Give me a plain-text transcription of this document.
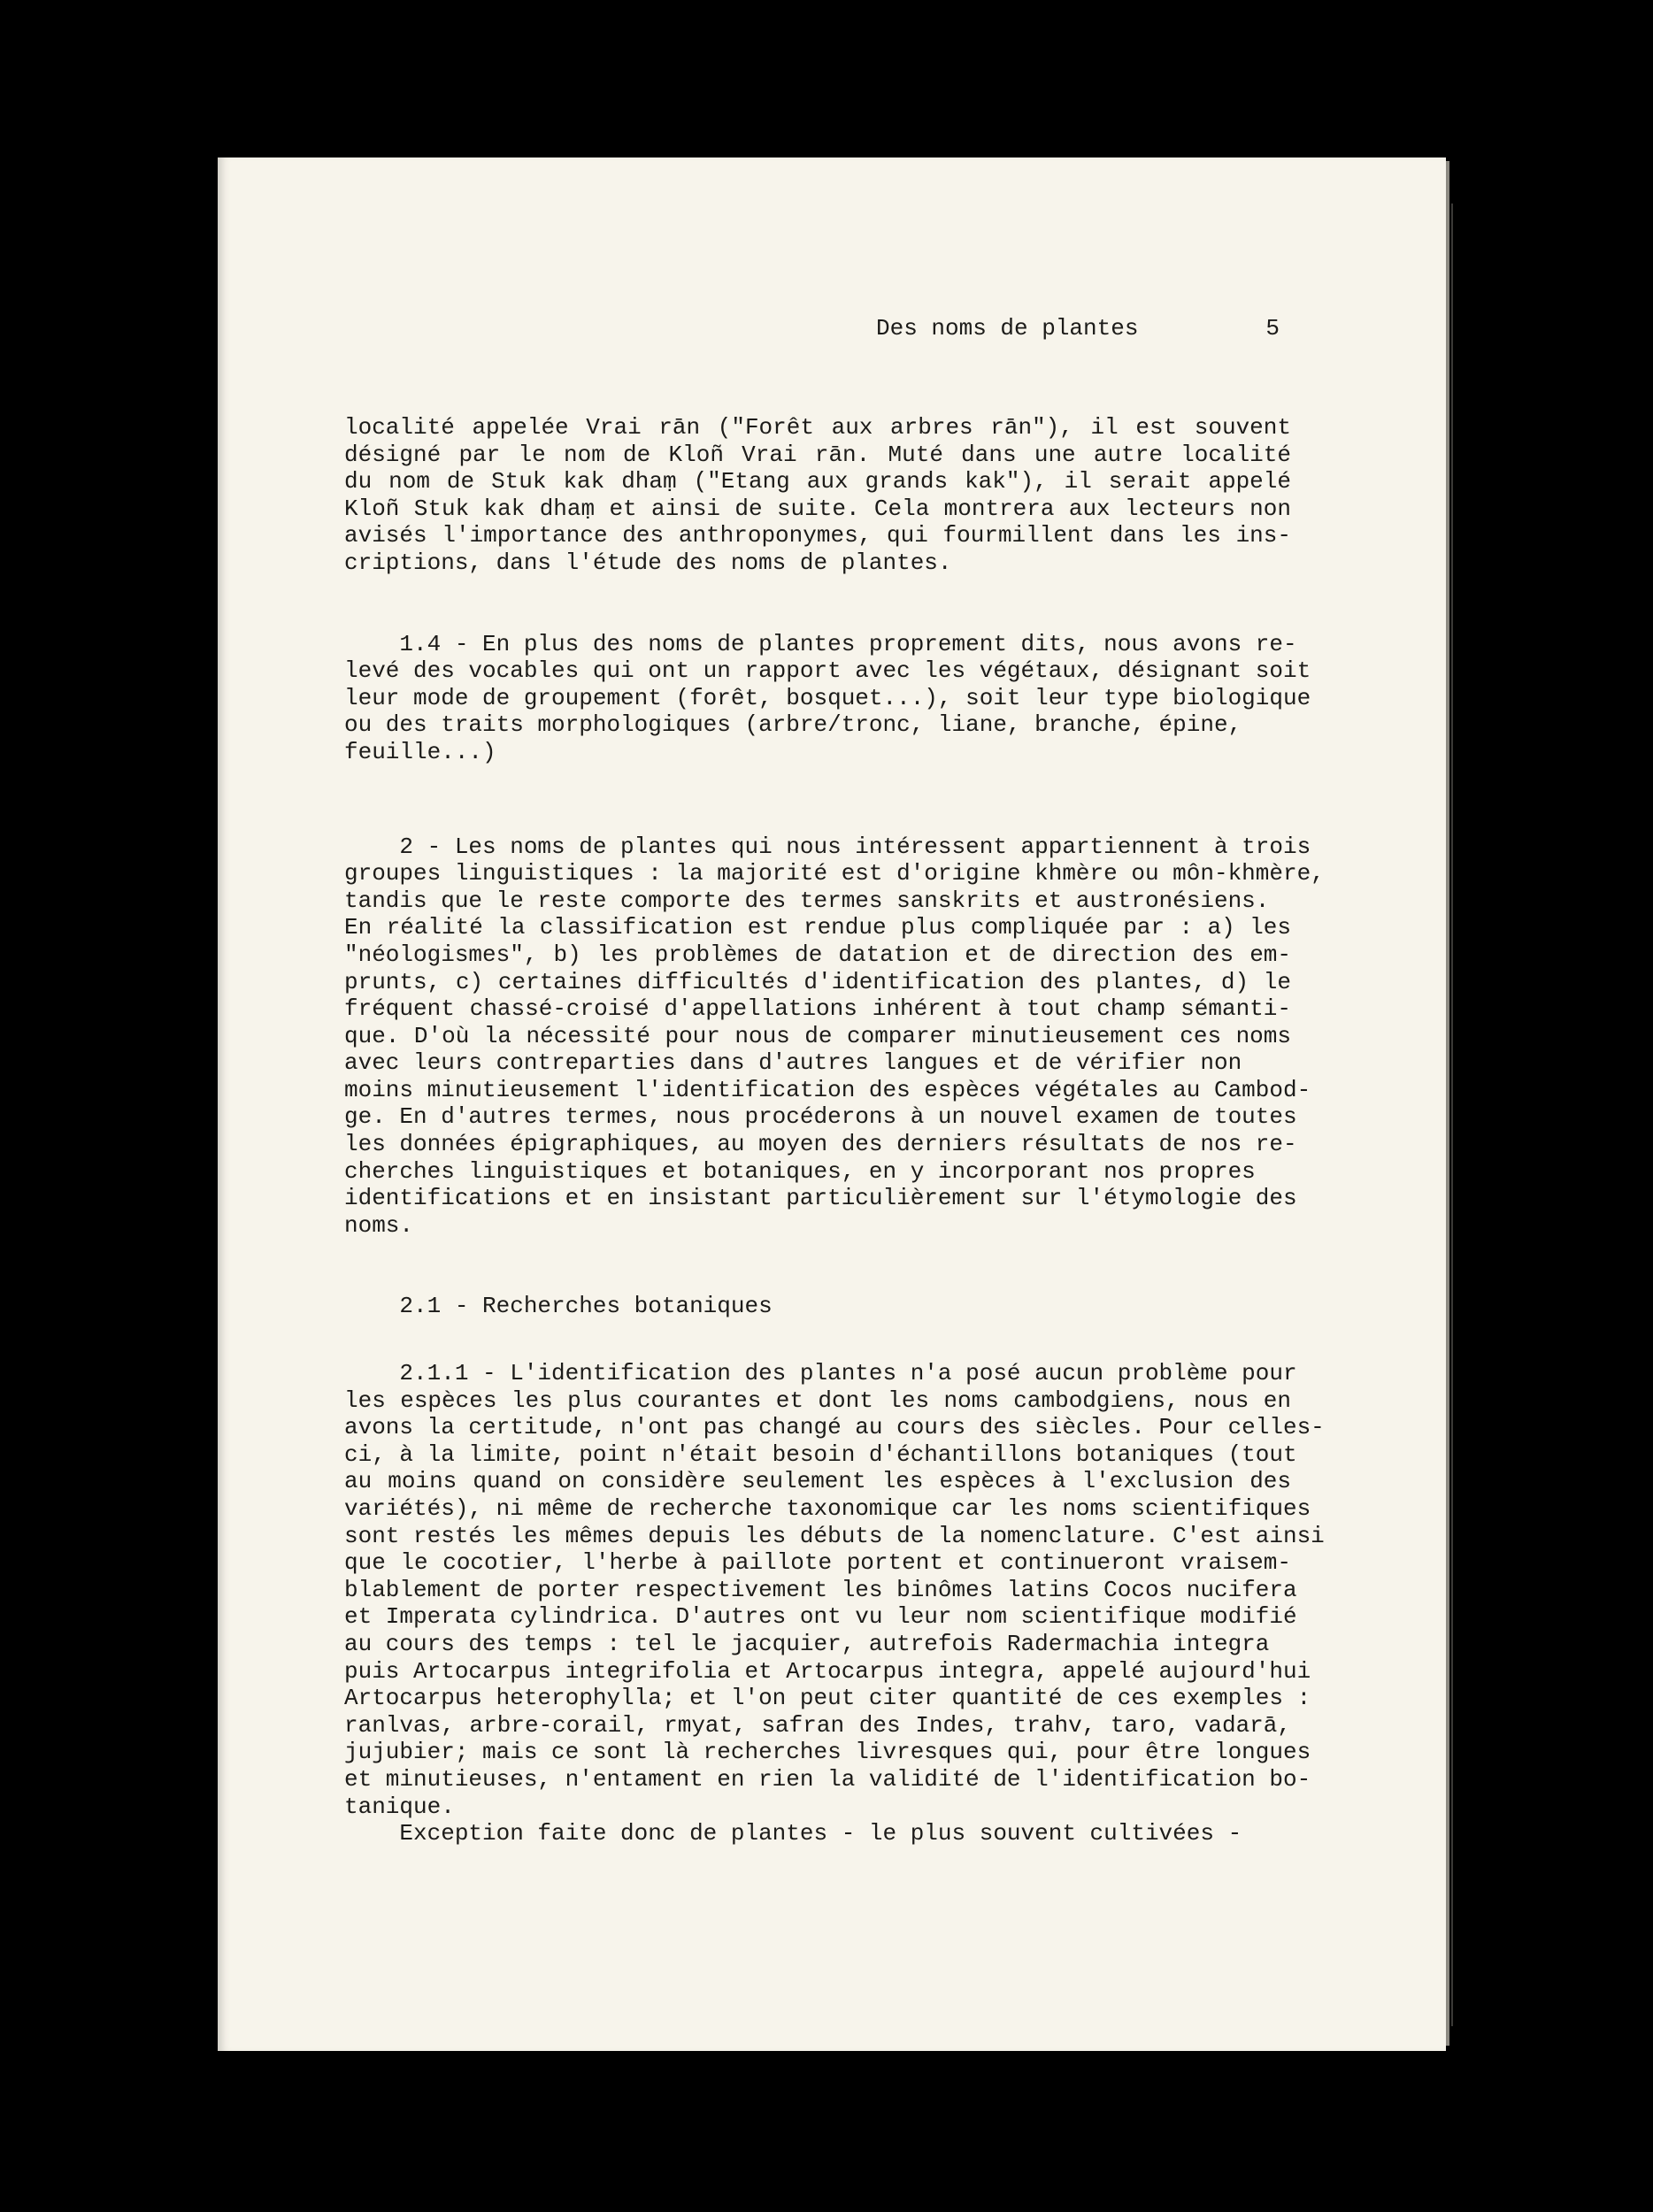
Des noms de plantes	5
localité appelée Vrai rān ("Forêt aux arbres rān"), il est souvent
désigné par le nom de Kloñ Vrai rān. Muté dans une autre localité
du nom de Stuk kak dhaṃ ("Etang aux grands kak"), il serait appelé
Kloñ Stuk kak dhaṃ et ainsi de suite. Cela montrera aux lecteurs non
avisés l'importance des anthroponymes, qui fourmillent dans les ins-
criptions, dans l'étude des noms de plantes.
1.4 - En plus des noms de plantes proprement dits, nous avons re-
levé des vocables qui ont un rapport avec les végétaux, désignant soit
leur mode de groupement (forêt, bosquet...), soit leur type biologique
ou des traits morphologiques (arbre/tronc, liane, branche, épine,
feuille...)
2 - Les noms de plantes qui nous intéressent appartiennent à trois
groupes linguistiques : la majorité est d'origine khmère ou môn-khmère,
tandis que le reste comporte des termes sanskrits et austronésiens.
En réalité la classification est rendue plus compliquée par : a) les
"néologismes", b) les problèmes de datation et de direction des em-
prunts, c) certaines difficultés d'identification des plantes, d) le
fréquent chassé-croisé d'appellations inhérent à tout champ sémanti-
que. D'où la nécessité pour nous de comparer minutieusement ces noms
avec leurs contreparties dans d'autres langues et de vérifier non
moins minutieusement l'identification des espèces végétales au Cambod-
ge. En d'autres termes, nous procéderons à un nouvel examen de toutes
les données épigraphiques, au moyen des derniers résultats de nos re-
cherches linguistiques et botaniques, en y incorporant nos propres
identifications et en insistant particulièrement sur l'étymologie des
noms.
2.1 - Recherches botaniques
2.1.1 - L'identification des plantes n'a posé aucun problème pour
les espèces les plus courantes et dont les noms cambodgiens, nous en
avons la certitude, n'ont pas changé au cours des siècles. Pour celles-
ci, à la limite, point n'était besoin d'échantillons botaniques (tout
au moins quand on considère seulement les espèces à l'exclusion des
variétés), ni même de recherche taxonomique car les noms scientifiques
sont restés les mêmes depuis les débuts de la nomenclature. C'est ainsi
que le cocotier, l'herbe à paillote portent et continueront vraisem-
blablement de porter respectivement les binômes latins Cocos nucifera
et Imperata cylindrica. D'autres ont vu leur nom scientifique modifié
au cours des temps : tel le jacquier, autrefois Radermachia integra
puis Artocarpus integrifolia et Artocarpus integra, appelé aujourd'hui
Artocarpus heterophylla; et l'on peut citer quantité de ces exemples :
ranlvas, arbre-corail, rmyat, safran des Indes, trahv, taro, vadarā,
jujubier; mais ce sont là recherches livresques qui, pour être longues
et minutieuses, n'entament en rien la validité de l'identification bo-
tanique.
Exception faite donc de plantes - le plus souvent cultivées -
